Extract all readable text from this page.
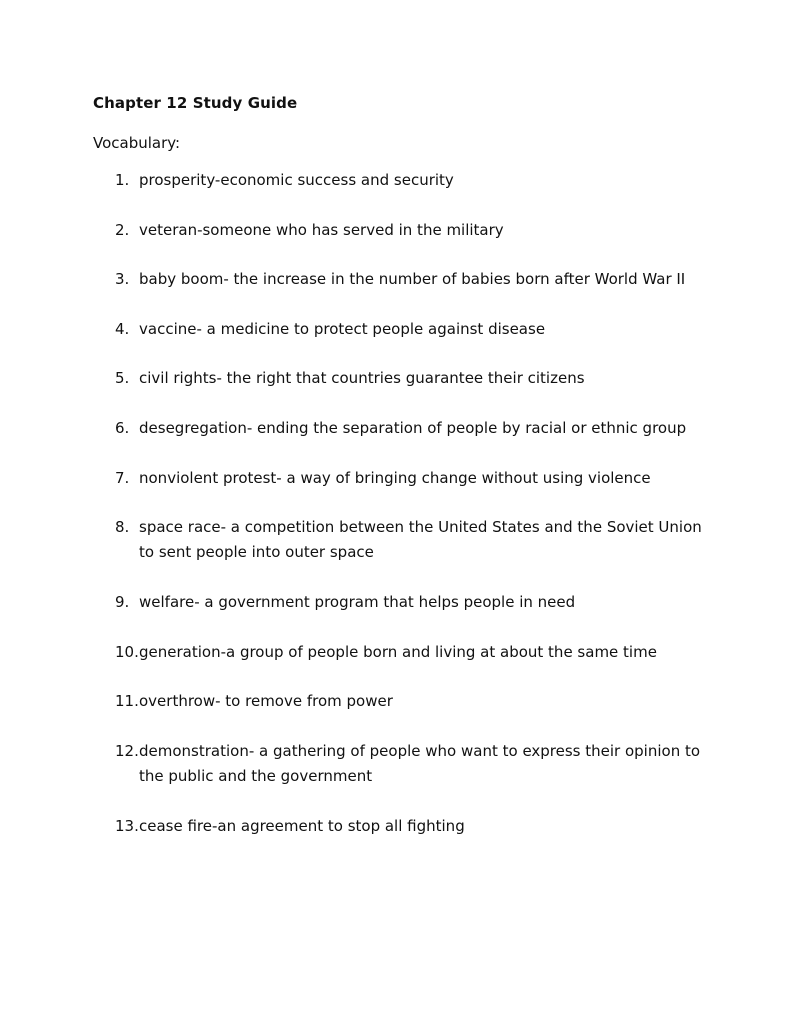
Chapter 12 Study Guide
Vocabulary:
1. prosperity-economic success and security
2. veteran-someone who has served in the military
3. baby boom- the increase in the number of babies born after World War II
4. vaccine- a medicine to protect people against disease
5. civil rights- the right that countries guarantee their citizens
6. desegregation- ending the separation of people by racial or ethnic group
7. nonviolent protest- a way of bringing change without using violence
8. space race- a competition between the United States and the Soviet Union to sent people into outer space
9. welfare- a government program that helps people in need
10. generation-a group of people born and living at about the same time
11. overthrow- to remove from power
12. demonstration- a gathering of people who want to express their opinion to the public and the government
13. cease fire-an agreement to stop all fighting
